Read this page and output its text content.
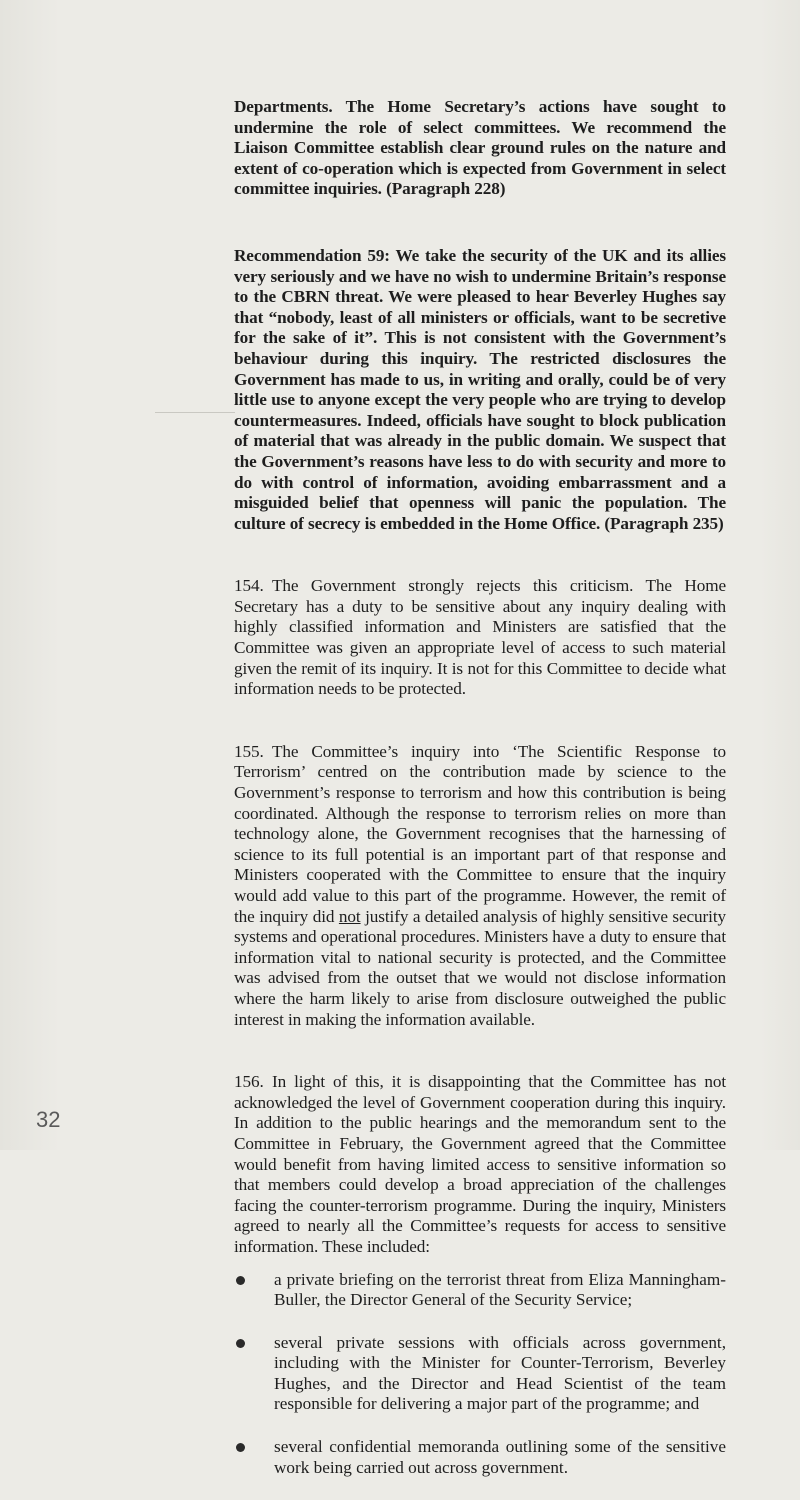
Departments. The Home Secretary’s actions have sought to undermine the role of select committees. We recommend the Liaison Committee establish clear ground rules on the nature and extent of co-operation which is expected from Government in select committee inquiries. (Paragraph 228)

Recommendation 59: We take the security of the UK and its allies very seriously and we have no wish to undermine Britain’s response to the CBRN threat. We were pleased to hear Beverley Hughes say that “nobody, least of all ministers or officials, want to be secretive for the sake of it”. This is not consistent with the Government’s behaviour during this inquiry. The restricted disclosures the Government has made to us, in writing and orally, could be of very little use to anyone except the very people who are trying to develop countermeasures. Indeed, officials have sought to block publication of material that was already in the public domain. We suspect that the Government’s reasons have less to do with security and more to do with control of information, avoiding embarrassment and a misguided belief that openness will panic the population. The culture of secrecy is embedded in the Home Office. (Paragraph 235)

154. The Government strongly rejects this criticism. The Home Secretary has a duty to be sensitive about any inquiry dealing with highly classified information and Ministers are satisfied that the Committee was given an appropriate level of access to such material given the remit of its inquiry. It is not for this Committee to decide what information needs to be protected.

155. The Committee’s inquiry into ‘The Scientific Response to Terrorism’ centred on the contribution made by science to the Government’s response to terrorism and how this contribution is being coordinated. Although the response to terrorism relies on more than technology alone, the Government recognises that the harnessing of science to its full potential is an important part of that response and Ministers cooperated with the Committee to ensure that the inquiry would add value to this part of the programme. However, the remit of the inquiry did not justify a detailed analysis of highly sensitive security systems and operational procedures. Ministers have a duty to ensure that information vital to national security is protected, and the Committee was advised from the outset that we would not disclose information where the harm likely to arise from disclosure outweighed the public interest in making the information available.

156. In light of this, it is disappointing that the Committee has not acknowledged the level of Government cooperation during this inquiry. In addition to the public hearings and the memorandum sent to the Committee in February, the Government agreed that the Committee would benefit from having limited access to sensitive information so that members could develop a broad appreciation of the challenges facing the counter-terrorism programme. During the inquiry, Ministers agreed to nearly all the Committee’s requests for access to sensitive information. These included:

a private briefing on the terrorist threat from Eliza Manningham-Buller, the Director General of the Security Service;
several private sessions with officials across government, including with the Minister for Counter-Terrorism, Beverley Hughes, and the Director and Head Scientist of the team responsible for delivering a major part of the programme; and
several confidential memoranda outlining some of the sensitive work being carried out across government.
32
